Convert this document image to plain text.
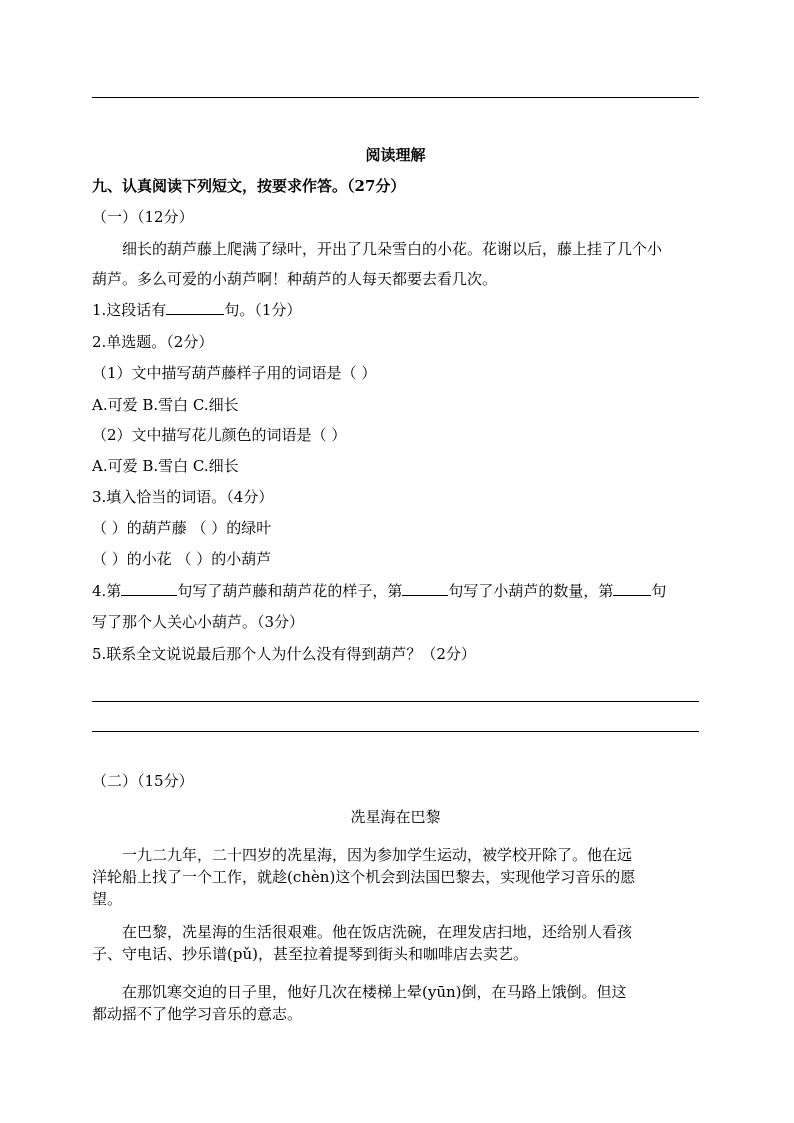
阅读理解
九、认真阅读下列短文，按要求作答。（27分）
（一）（12分）
细长的葫芦藤上爬满了绿叶，开出了几朵雪白的小花。花谢以后，藤上挂了几个小
葫芦。多么可爱的小葫芦啊！种葫芦的人每天都要去看几次。
1.这段话有	句。（1分）
2.单选题。（2分）
（1）文中描写葫芦藤样子用的词语是（ ）
A.可爱 B.雪白 C.细长
（2）文中描写花儿颜色的词语是（ ）
A.可爱 B.雪白 C.细长
3.填入恰当的词语。（4分）
（ ）的葫芦藤 （ ）的绿叶
（ ）的小花 （ ）的小葫芦
4.第	句写了葫芦藤和葫芦花的样子，第	句写了小葫芦的数量，第	句
写了那个人关心小葫芦。（3分）
5.联系全文说说最后那个人为什么没有得到葫芦？（2分）
（二）（15分）
冼星海在巴黎
一九二九年，二十四岁的冼星海，因为参加学生运动，被学校开除了。他在远
洋轮船上找了一个工作，就趁(chèn)这个机会到法国巴黎去，实现他学习音乐的愿
望。
在巴黎，冼星海的生活很艰难。他在饭店洗碗，在理发店扫地，还给别人看孩
子、守电话、抄乐谱(pǔ)，甚至拉着提琴到街头和咖啡店去卖艺。
在那饥寒交迫的日子里，他好几次在楼梯上晕(yūn)倒，在马路上饿倒。但这
都动摇不了他学习音乐的意志。
